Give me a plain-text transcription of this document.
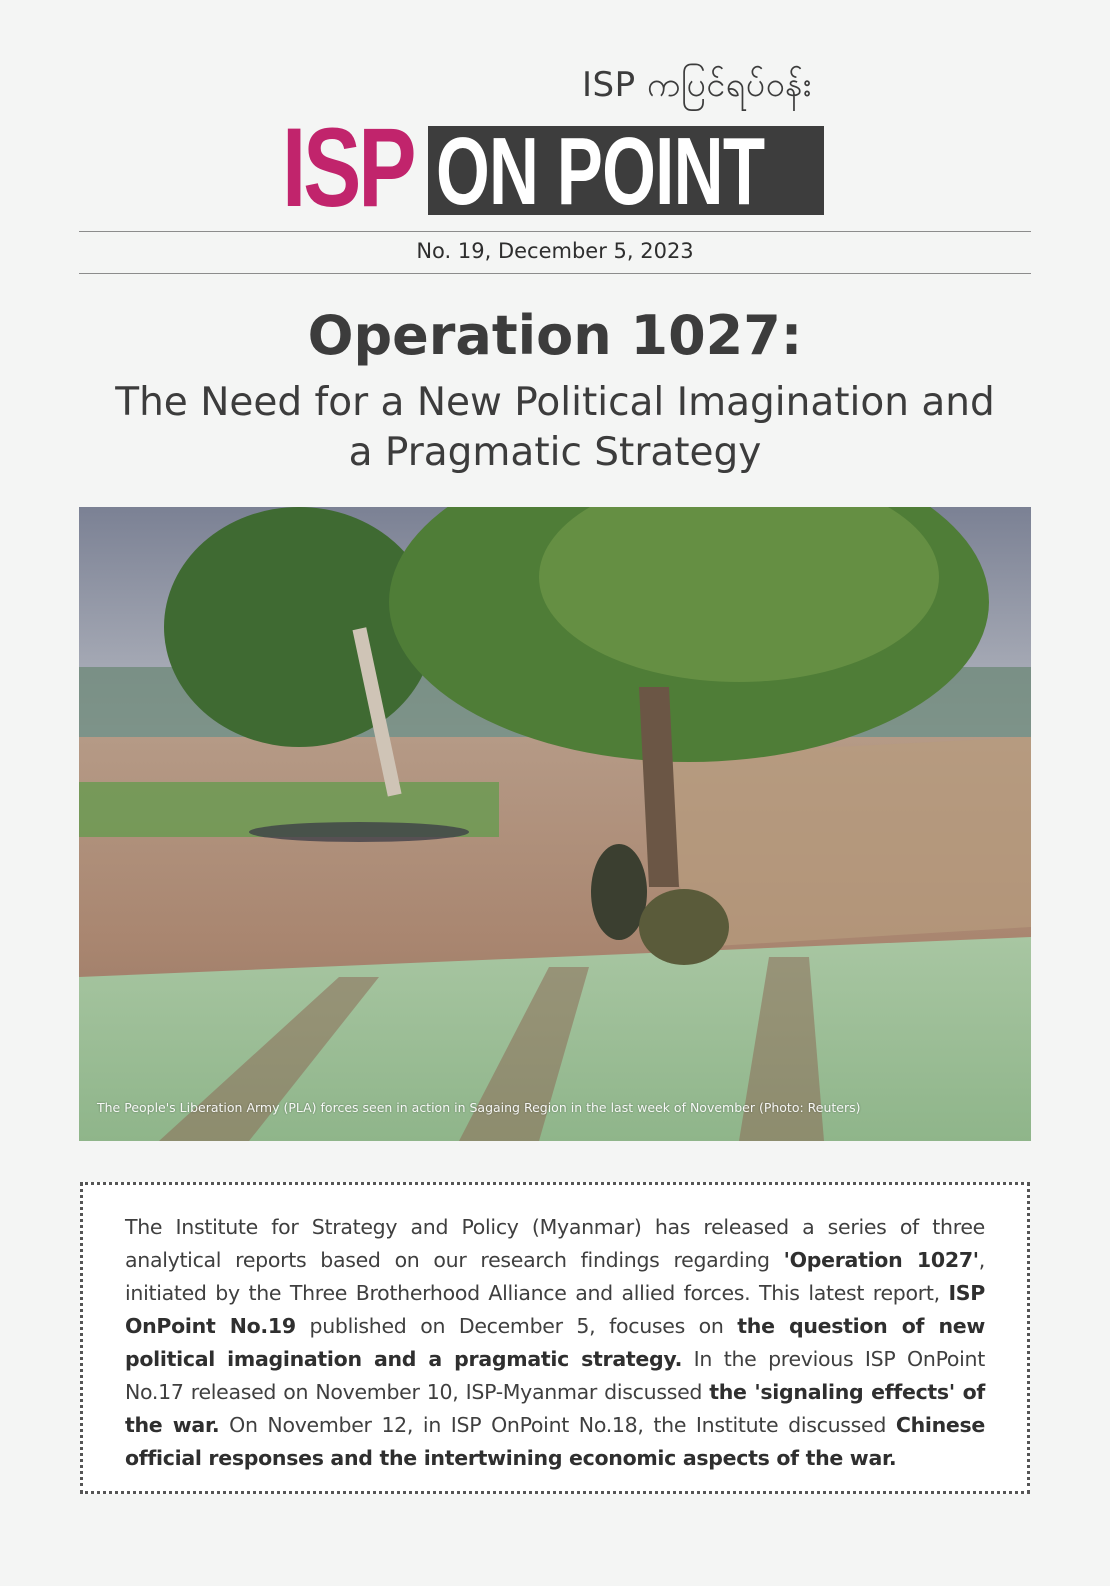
ISP ကပြင်ရပ်ဝန်း
ISP ON POINT
No. 19, December 5, 2023
Operation 1027:
The Need for a New Political Imagination and
a Pragmatic Strategy
The People's Liberation Army (PLA) forces seen in action in Sagaing Region in the last week of November (Photo: Reuters)

The Institute for Strategy and Policy (Myanmar) has released a series of three analytical reports based on our research findings regarding 'Operation 1027', initiated by the Three Brotherhood Alliance and allied forces. This latest report, ISP OnPoint No.19 published on December 5, focuses on the question of new political imagination and a pragmatic strategy. In the previous ISP OnPoint No.17 released on November 10, ISP-Myanmar discussed the 'signaling effects' of the war. On November 12, in ISP OnPoint No.18, the Institute discussed Chinese official responses and the intertwining economic aspects of the war.
